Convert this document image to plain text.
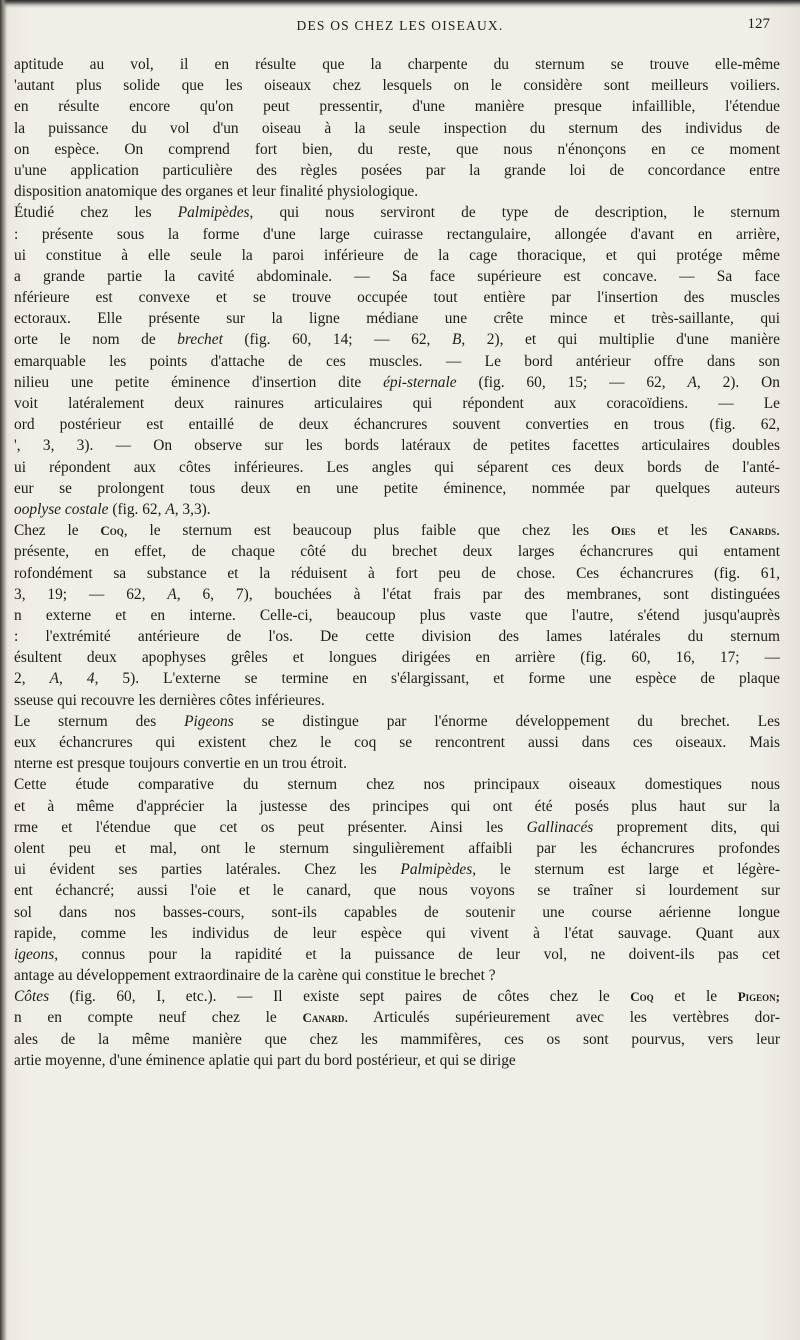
DES OS CHEZ LES OISEAUX.	127
aptitude au vol, il en résulte que la charpente du sternum se trouve elle-même
'autant plus solide que les oiseaux chez lesquels on le considère sont meilleurs voiliers.
en résulte encore qu'on peut pressentir, d'une manière presque infaillible, l'étendue
la puissance du vol d'un oiseau à la seule inspection du sternum des individus de
on espèce. On comprend fort bien, du reste, que nous n'énonçons en ce moment
u'une application particulière des règles posées par la grande loi de concordance entre
disposition anatomique des organes et leur finalité physiologique.
Étudié chez les Palmipèdes, qui nous serviront de type de description, le sternum
: présente sous la forme d'une large cuirasse rectangulaire, allongée d'avant en arrière,
ui constitue à elle seule la paroi inférieure de la cage thoracique, et qui protége même
a grande partie la cavité abdominale. — Sa face supérieure est concave. — Sa face
nférieure est convexe et se trouve occupée tout entière par l'insertion des muscles
ectoraux. Elle présente sur la ligne médiane une crête mince et très-saillante, qui
orte le nom de brechet (fig. 60, 14; — 62, B, 2), et qui multiplie d'une manière
emarquable les points d'attache de ces muscles. — Le bord antérieur offre dans son
nilieu une petite éminence d'insertion dite épi-sternale (fig. 60, 15; — 62, A, 2). On
voit latéralement deux rainures articulaires qui répondent aux coracoïdiens. — Le
ord postérieur est entaillé de deux échancrures souvent converties en trous (fig. 62,
', 3, 3). — On observe sur les bords latéraux de petites facettes articulaires doubles
ui répondent aux côtes inférieures. Les angles qui séparent ces deux bords de l'anté-
eur se prolongent tous deux en une petite éminence, nommée par quelques auteurs
ooplyse costale (fig. 62, A, 3,3).
Chez le Coq, le sternum est beaucoup plus faible que chez les Oies et les Canards.
présente, en effet, de chaque côté du brechet deux larges échancrures qui entament
rofondément sa substance et la réduisent à fort peu de chose. Ces échancrures (fig. 61,
3, 19; — 62, A, 6, 7), bouchées à l'état frais par des membranes, sont distinguées
n externe et en interne. Celle-ci, beaucoup plus vaste que l'autre, s'étend jusqu'auprès
: l'extrémité antérieure de l'os. De cette division des lames latérales du sternum
ésultent deux apophyses grêles et longues dirigées en arrière (fig. 60, 16, 17; —
2, A, 4, 5). L'externe se termine en s'élargissant, et forme une espèce de plaque
sseuse qui recouvre les dernières côtes inférieures.
Le sternum des Pigeons se distingue par l'énorme développement du brechet. Les
eux échancrures qui existent chez le coq se rencontrent aussi dans ces oiseaux. Mais
nterne est presque toujours convertie en un trou étroit.
Cette étude comparative du sternum chez nos principaux oiseaux domestiques nous
et à même d'apprécier la justesse des principes qui ont été posés plus haut sur la
rme et l'étendue que cet os peut présenter. Ainsi les Gallinacés proprement dits, qui
olent peu et mal, ont le sternum singulièrement affaibli par les échancrures profondes
ui évident ses parties latérales. Chez les Palmipèdes, le sternum est large et légère-
ent échancré; aussi l'oie et le canard, que nous voyons se traîner si lourdement sur
sol dans nos basses-cours, sont-ils capables de soutenir une course aérienne longue
rapide, comme les individus de leur espèce qui vivent à l'état sauvage. Quant aux
igeons, connus pour la rapidité et la puissance de leur vol, ne doivent-ils pas cet
antage au développement extraordinaire de la carène qui constitue le brechet ?
Côtes (fig. 60, I, etc.). — Il existe sept paires de côtes chez le Coq et le Pigeon;
n en compte neuf chez le Canard. Articulés supérieurement avec les vertèbres dor-
ales de la même manière que chez les mammifères, ces os sont pourvus, vers leur
artie moyenne, d'une éminence aplatie qui part du bord postérieur, et qui se dirige
